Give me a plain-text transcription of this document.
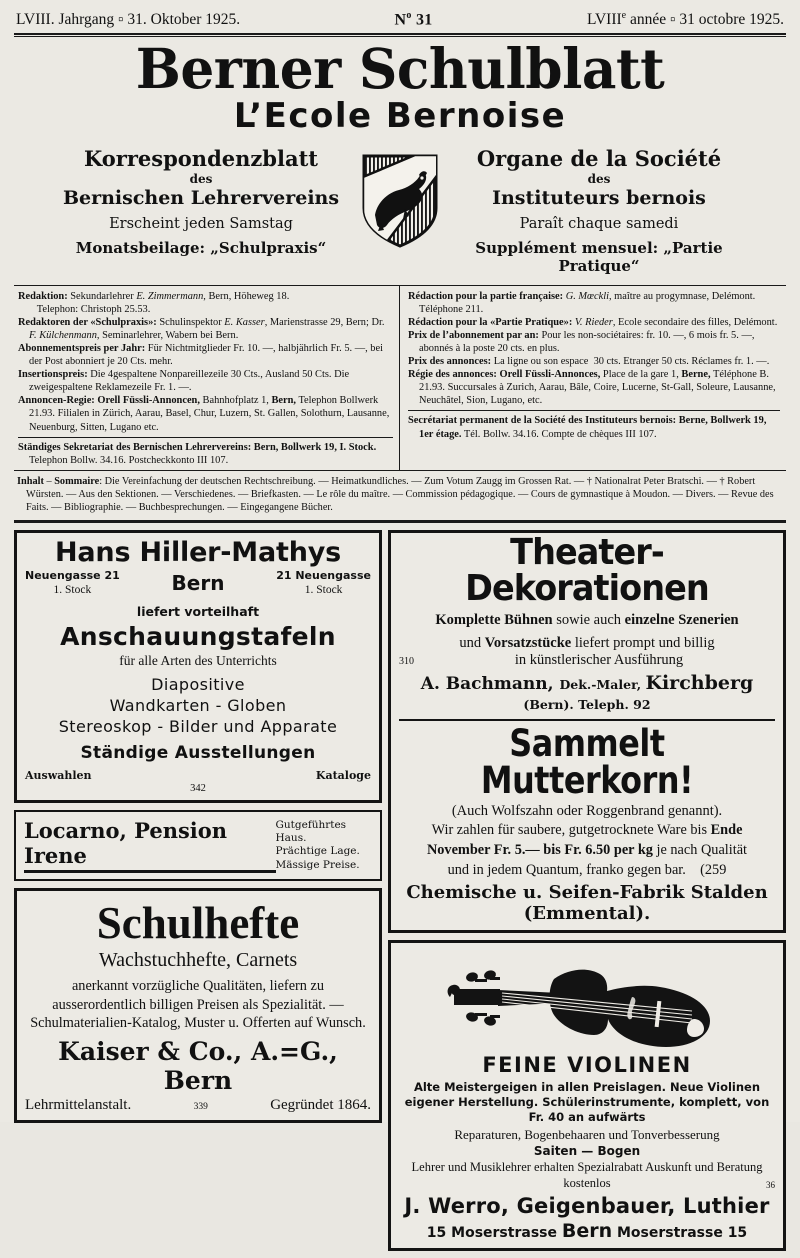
LVIII. Jahrgang ▫ 31. Oktober 1925.	$N^o$ 31	LVIIIe année ▫ 31 octobre 1925.
Berner Schulblatt
L’Ecole Bernoise
Korrespondenzblatt
des
Bernischen Lehrervereins
Erscheint jeden Samstag
Monatsbeilage: „Schulpraxis“
Organe de la Société
des
Instituteurs bernois
Paraît chaque samedi
Supplément mensuel: „Partie Pratique“

Redaktion: Sekundarlehrer E. Zimmermann, Bern, Höheweg 18.
Telephon: Christoph 25.53.

Redaktoren der «Schulpraxis»: Schulinspektor E. Kasser, Marienstrasse 29, Bern; Dr. F. Külchenmann, Seminarlehrer, Wabern bei Bern.

Abonnementspreis per Jahr: Für Nichtmitglieder Fr. 10. —, halbjährlich Fr. 5. —, bei der Post abonniert je 20 Cts. mehr.

Insertionspreis: Die 4gespaltene Nonpareillezeile 30 Cts., Ausland 50 Cts. Die zweigespaltene Reklamezeile Fr. 1. —.

Annoncen-Regie: Orell Füssli-Annoncen, Bahnhofplatz 1, Bern, Telephon Bollwerk 21.93. Filialen in Zürich, Aarau, Basel, Chur, Luzern, St. Gallen, Solothurn, Lausanne, Neuenburg, Sitten, Lugano etc.

Ständiges Sekretariat des Bernischen Lehrervereins: Bern, Bollwerk 19, I. Stock. Telephon Bollw. 34.16. Postcheckkonto III 107.

Rédaction pour la partie française: G. Mœckli, maître au progymnase, Delémont. Téléphone 211.

Rédaction pour la «Partie Pratique»: V. Rieder, Ecole secondaire des filles, Delémont.

Prix de l’abonnement par an: Pour les non-sociétaires: fr. 10. —, 6 mois fr. 5. —, abonnés à la poste 20 cts. en plus.

Prix des annonces: La ligne ou son espace  30 cts. Etranger 50 cts. Réclames fr. 1. —.

Régie des annonces: Orell Füssli-Annonces, Place de la gare 1, Berne, Téléphone B. 21.93. Succursales à Zurich, Aarau, Bâle, Coire, Lucerne, St-Gall, Soleure, Lausanne, Neuchâtel, Sion, Lugano, etc.

Secrétariat permanent de la Société des Instituteurs bernois: Berne, Bollwerk 19, 1er étage. Tél. Bollw. 34.16. Compte de chèques III 107.

Inhalt – Sommaire: Die Vereinfachung der deutschen Rechtschreibung. — Heimatkundliches. — Zum Votum Zaugg im Grossen Rat. — † Nationalrat Peter Bratschi. — † Robert Würsten. — Aus den Sektionen. — Verschiedenes. — Briefkasten. — Le rôle du maître. — Commission pédagogique. — Cours de gymnastique à Moudon. — Divers. — Revue des Faits. — Bibliographie. — Buchbesprechungen. — Eingegangene Bücher.
Hans Hiller-Mathys
Neuengasse 21
1. Stock	Bern	21 Neuengasse
1. Stock
liefert vorteilhaft
Anschauungstafeln
für alle Arten des Unterrichts
Diapositive
Wandkarten - Globen
Stereoskop - Bilder und Apparate
Ständige Ausstellungen
Auswahlen	Kataloge
342
Locarno, Pension Irene
Gutgeführtes Haus.
Prächtige Lage.
Mässige Preise.
Schulhefte
Wachstuchhefte, Carnets
anerkannt vorzügliche Qualitäten, liefern zu ausserordentlich billigen Preisen als Spezialität. — Schulmaterialien-Katalog, Muster u. Offerten auf Wunsch.
Kaiser & Co., A.=G., Bern
Lehrmittelanstalt.	339	Gegründet 1864.
Theater-Dekorationen
Komplette Bühnen sowie auch einzelne Szenerien
und Vorsatzstücke liefert prompt und billig
310	in künstlerischer Ausführung
A. Bachmann, Dek.-Maler, Kirchberg (Bern). Teleph. 92
Sammelt Mutterkorn!
(Auch Wolfszahn oder Roggenbrand genannt).
Wir zahlen für saubere, gutgetrocknete Ware bis Ende
November Fr. 5.— bis Fr. 6.50 per kg je nach Qualität
und in jedem Quantum, franko gegen bar. (259
Chemische u. Seifen-Fabrik Stalden (Emmental).
FEINE VIOLINEN
Alte Meistergeigen in allen Preislagen. Neue Violinen eigener Herstellung. Schülerinstrumente, komplett, von
Fr. 40 an aufwärts
Reparaturen, Bogenbehaaren und Tonverbesserung
Saiten — Bogen
Lehrer und Musiklehrer erhalten Spezialrabatt Auskunft und Beratung kostenlos	36
J. Werro, Geigenbauer, Luthier
15 Moserstrasse Bern Moserstrasse 15
